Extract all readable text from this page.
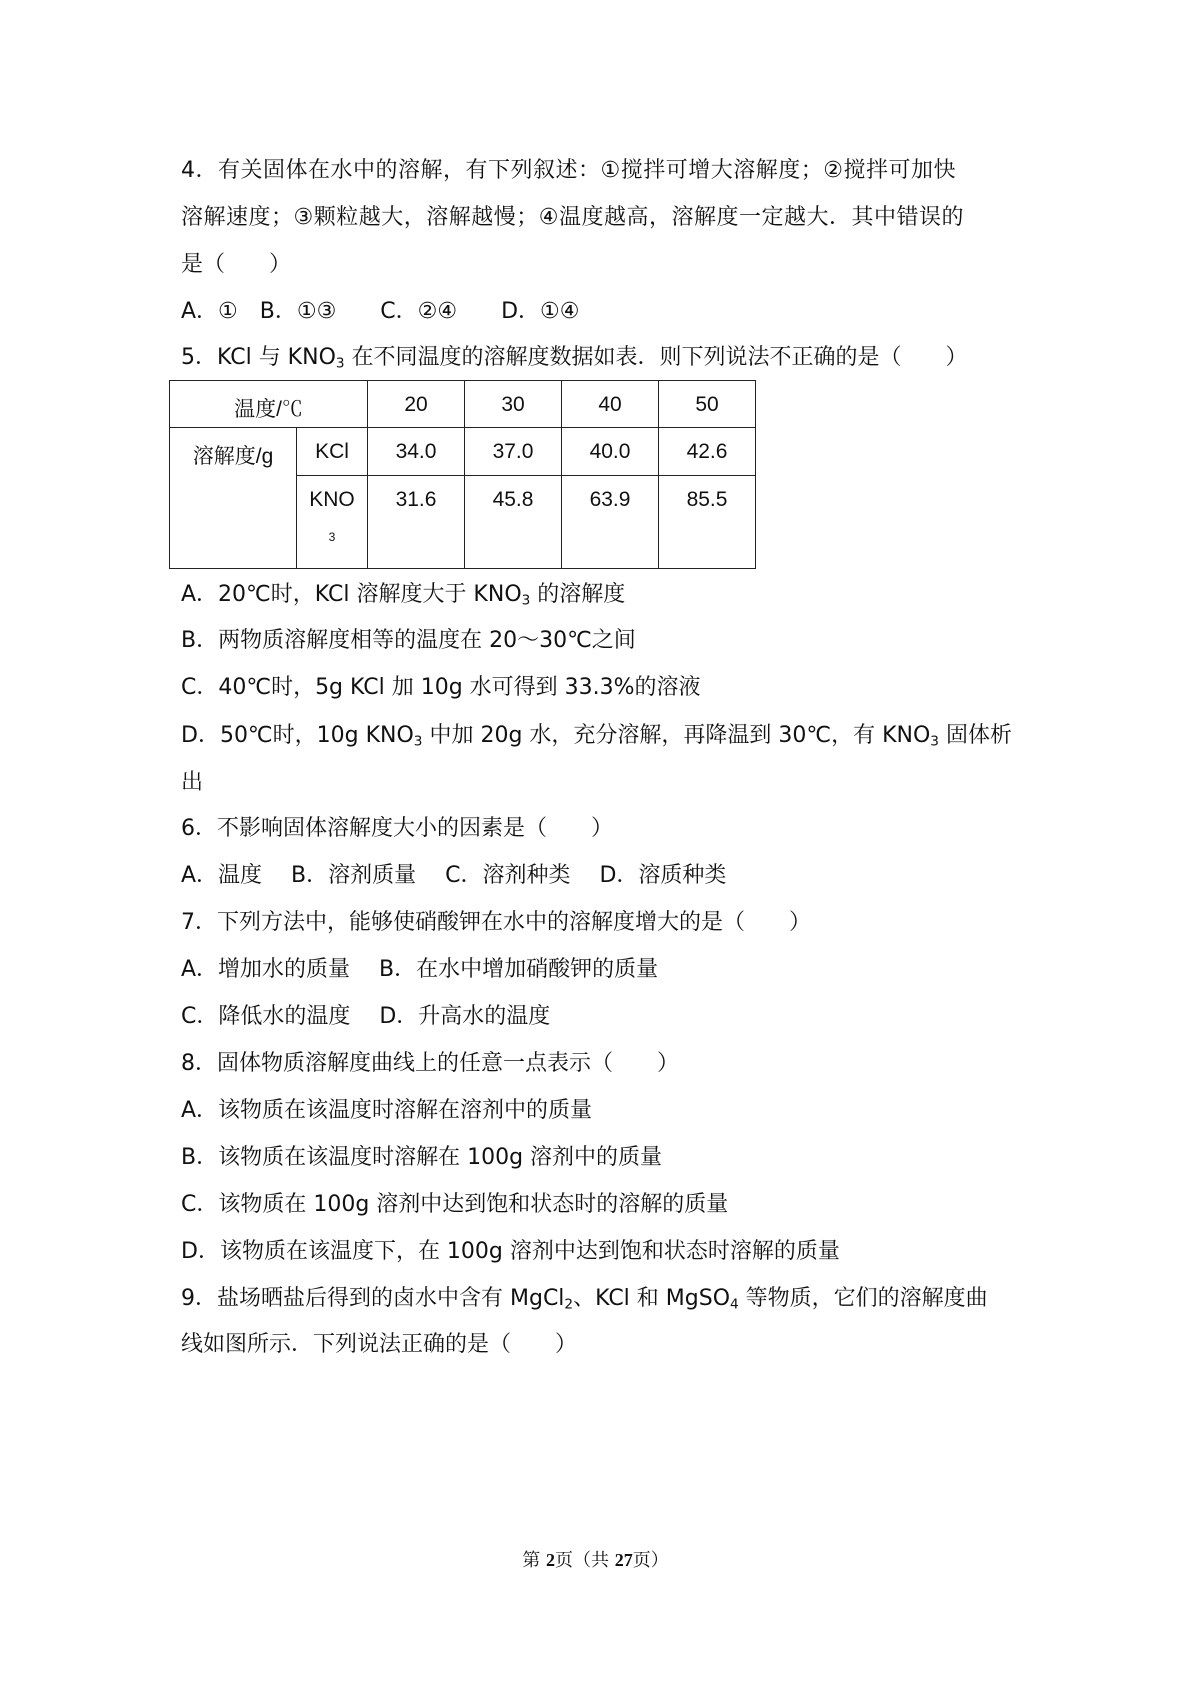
4．有关固体在水中的溶解，有下列叙述：①搅拌可增大溶解度；②搅拌可加快
溶解速度；③颗粒越大，溶解越慢；④温度越高，溶解度一定越大．其中错误的
是（　　）
A．①　B．①③　　C．②④　　D．①④
5．KCl 与 $KNO_3$ 在不同温度的溶解度数据如表．则下列说法不正确的是（　　）
温度/℃		20	30	40	50

溶解度/g	KCl	34.0	37.0	40.0	42.6

	KNO
3	31.6	45.8	63.9	85.5
A．20℃时，KCl 溶解度大于 $KNO_3$ 的溶解度
B．两物质溶解度相等的温度在 20～30℃之间
C．40℃时，5g KCl 加 10g 水可得到 33.3%的溶液
D．50℃时，10g $KNO_3$ 中加 20g 水，充分溶解，再降温到 30℃，有 $KNO_3$ 固体析
出
6．不影响固体溶解度大小的因素是（　　）
A．温度　 B．溶剂质量　 C．溶剂种类　 D．溶质种类
7．下列方法中，能够使硝酸钾在水中的溶解度增大的是（　　）
A．增加水的质量　 B．在水中增加硝酸钾的质量
C．降低水的温度　 D．升高水的温度
8．固体物质溶解度曲线上的任意一点表示（　　）
A．该物质在该温度时溶解在溶剂中的质量
B．该物质在该温度时溶解在 100g 溶剂中的质量
C．该物质在 100g 溶剂中达到饱和状态时的溶解的质量
D．该物质在该温度下，在 100g 溶剂中达到饱和状态时溶解的质量
9．盐场晒盐后得到的卤水中含有 MgCl$_2$、KCl 和 MgSO$_4$ 等物质，它们的溶解度曲
线如图所示．下列说法正确的是（　　）
第 2页（共 27页）
